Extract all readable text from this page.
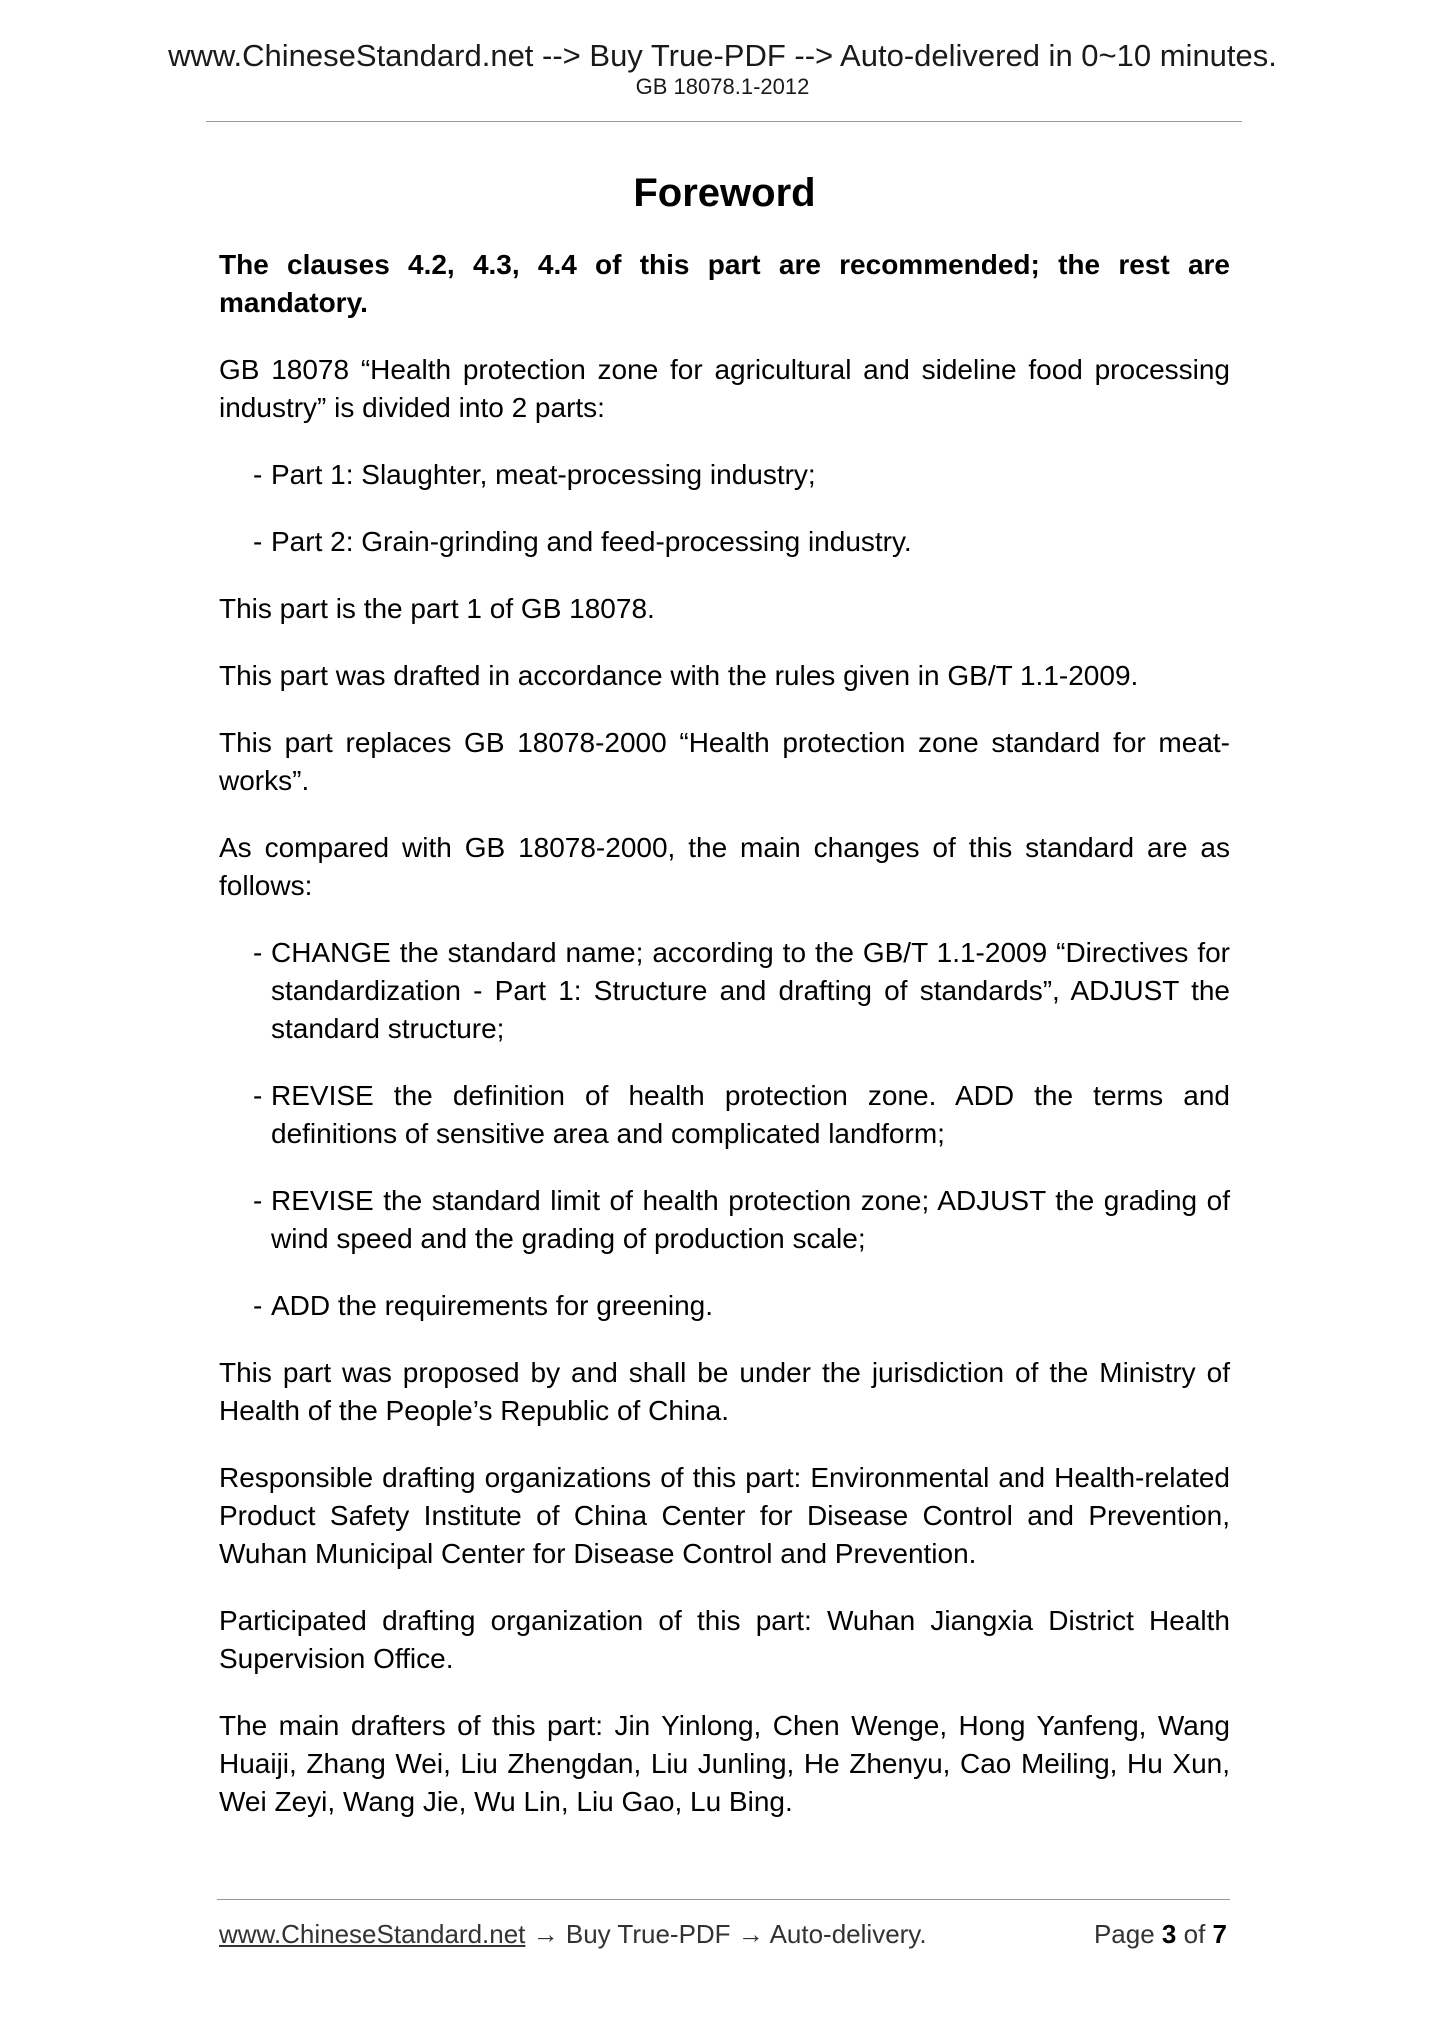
www.ChineseStandard.net --> Buy True-PDF --> Auto-delivered in 0~10 minutes.
GB 18078.1-2012
Foreword
The clauses 4.2, 4.3, 4.4 of this part are recommended; the rest are mandatory.
GB 18078 “Health protection zone for agricultural and sideline food processing industry” is divided into 2 parts:
- Part 1: Slaughter, meat-processing industry;
- Part 2: Grain-grinding and feed-processing industry.
This part is the part 1 of GB 18078.
This part was drafted in accordance with the rules given in GB/T 1.1-2009.
This part replaces GB 18078-2000 “Health protection zone standard for meat-works”.
As compared with GB 18078-2000, the main changes of this standard are as follows:
- CHANGE the standard name; according to the GB/T 1.1-2009 “Directives for standardization - Part 1: Structure and drafting of standards”, ADJUST the standard structure;
- REVISE the definition of health protection zone. ADD the terms and definitions of sensitive area and complicated landform;
- REVISE the standard limit of health protection zone; ADJUST the grading of wind speed and the grading of production scale;
- ADD the requirements for greening.
This part was proposed by and shall be under the jurisdiction of the Ministry of Health of the People’s Republic of China.
Responsible drafting organizations of this part: Environmental and Health-related Product Safety Institute of China Center for Disease Control and Prevention, Wuhan Municipal Center for Disease Control and Prevention.
Participated drafting organization of this part: Wuhan Jiangxia District Health Supervision Office.
The main drafters of this part: Jin Yinlong, Chen Wenge, Hong Yanfeng, Wang Huaiji, Zhang Wei, Liu Zhengdan, Liu Junling, He Zhenyu, Cao Meiling, Hu Xun, Wei Zeyi, Wang Jie, Wu Lin, Liu Gao, Lu Bing.
www.ChineseStandard.net → Buy True-PDF → Auto-delivery.	Page 3 of 7
